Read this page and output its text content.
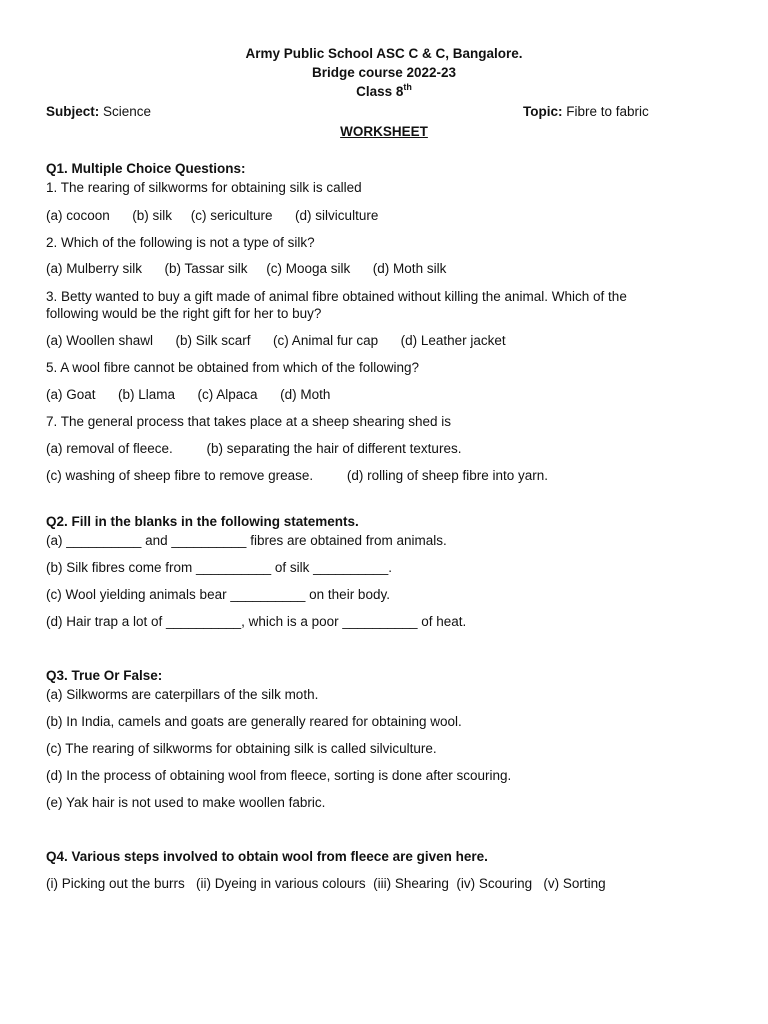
Army Public School ASC C & C, Bangalore.
Bridge course 2022-23
Class 8th
Subject: Science	Topic: Fibre to fabric
WORKSHEET
Q1. Multiple Choice Questions:
1. The rearing of silkworms for obtaining silk is called
(a) cocoon      (b) silk     (c) sericulture      (d) silviculture
2. Which of the following is not a type of silk?
(a) Mulberry silk      (b) Tassar silk     (c) Mooga silk      (d) Moth silk
3. Betty wanted to buy a gift made of animal fibre obtained without killing the animal. Which of the
following would be the right gift for her to buy?
(a) Woollen shawl      (b) Silk scarf      (c) Animal fur cap      (d) Leather jacket
5. A wool fibre cannot be obtained from which of the following?
(a) Goat      (b) Llama      (c) Alpaca      (d) Moth
7. The general process that takes place at a sheep shearing shed is
(a) removal of fleece.         (b) separating the hair of different textures.
(c) washing of sheep fibre to remove grease.         (d) rolling of sheep fibre into yarn.
Q2. Fill in the blanks in the following statements.
(a) __________ and __________ fibres are obtained from animals.
(b) Silk fibres come from __________ of silk __________.
(c) Wool yielding animals bear __________ on their body.
(d) Hair trap a lot of __________, which is a poor __________ of heat.
Q3. True Or False:
(a) Silkworms are caterpillars of the silk moth.
(b) In India, camels and goats are generally reared for obtaining wool.
(c) The rearing of silkworms for obtaining silk is called silviculture.
(d) In the process of obtaining wool from fleece, sorting is done after scouring.
(e) Yak hair is not used to make woollen fabric.
Q4. Various steps involved to obtain wool from fleece are given here.
(i) Picking out the burrs   (ii) Dyeing in various colours  (iii) Shearing  (iv) Scouring   (v) Sorting
